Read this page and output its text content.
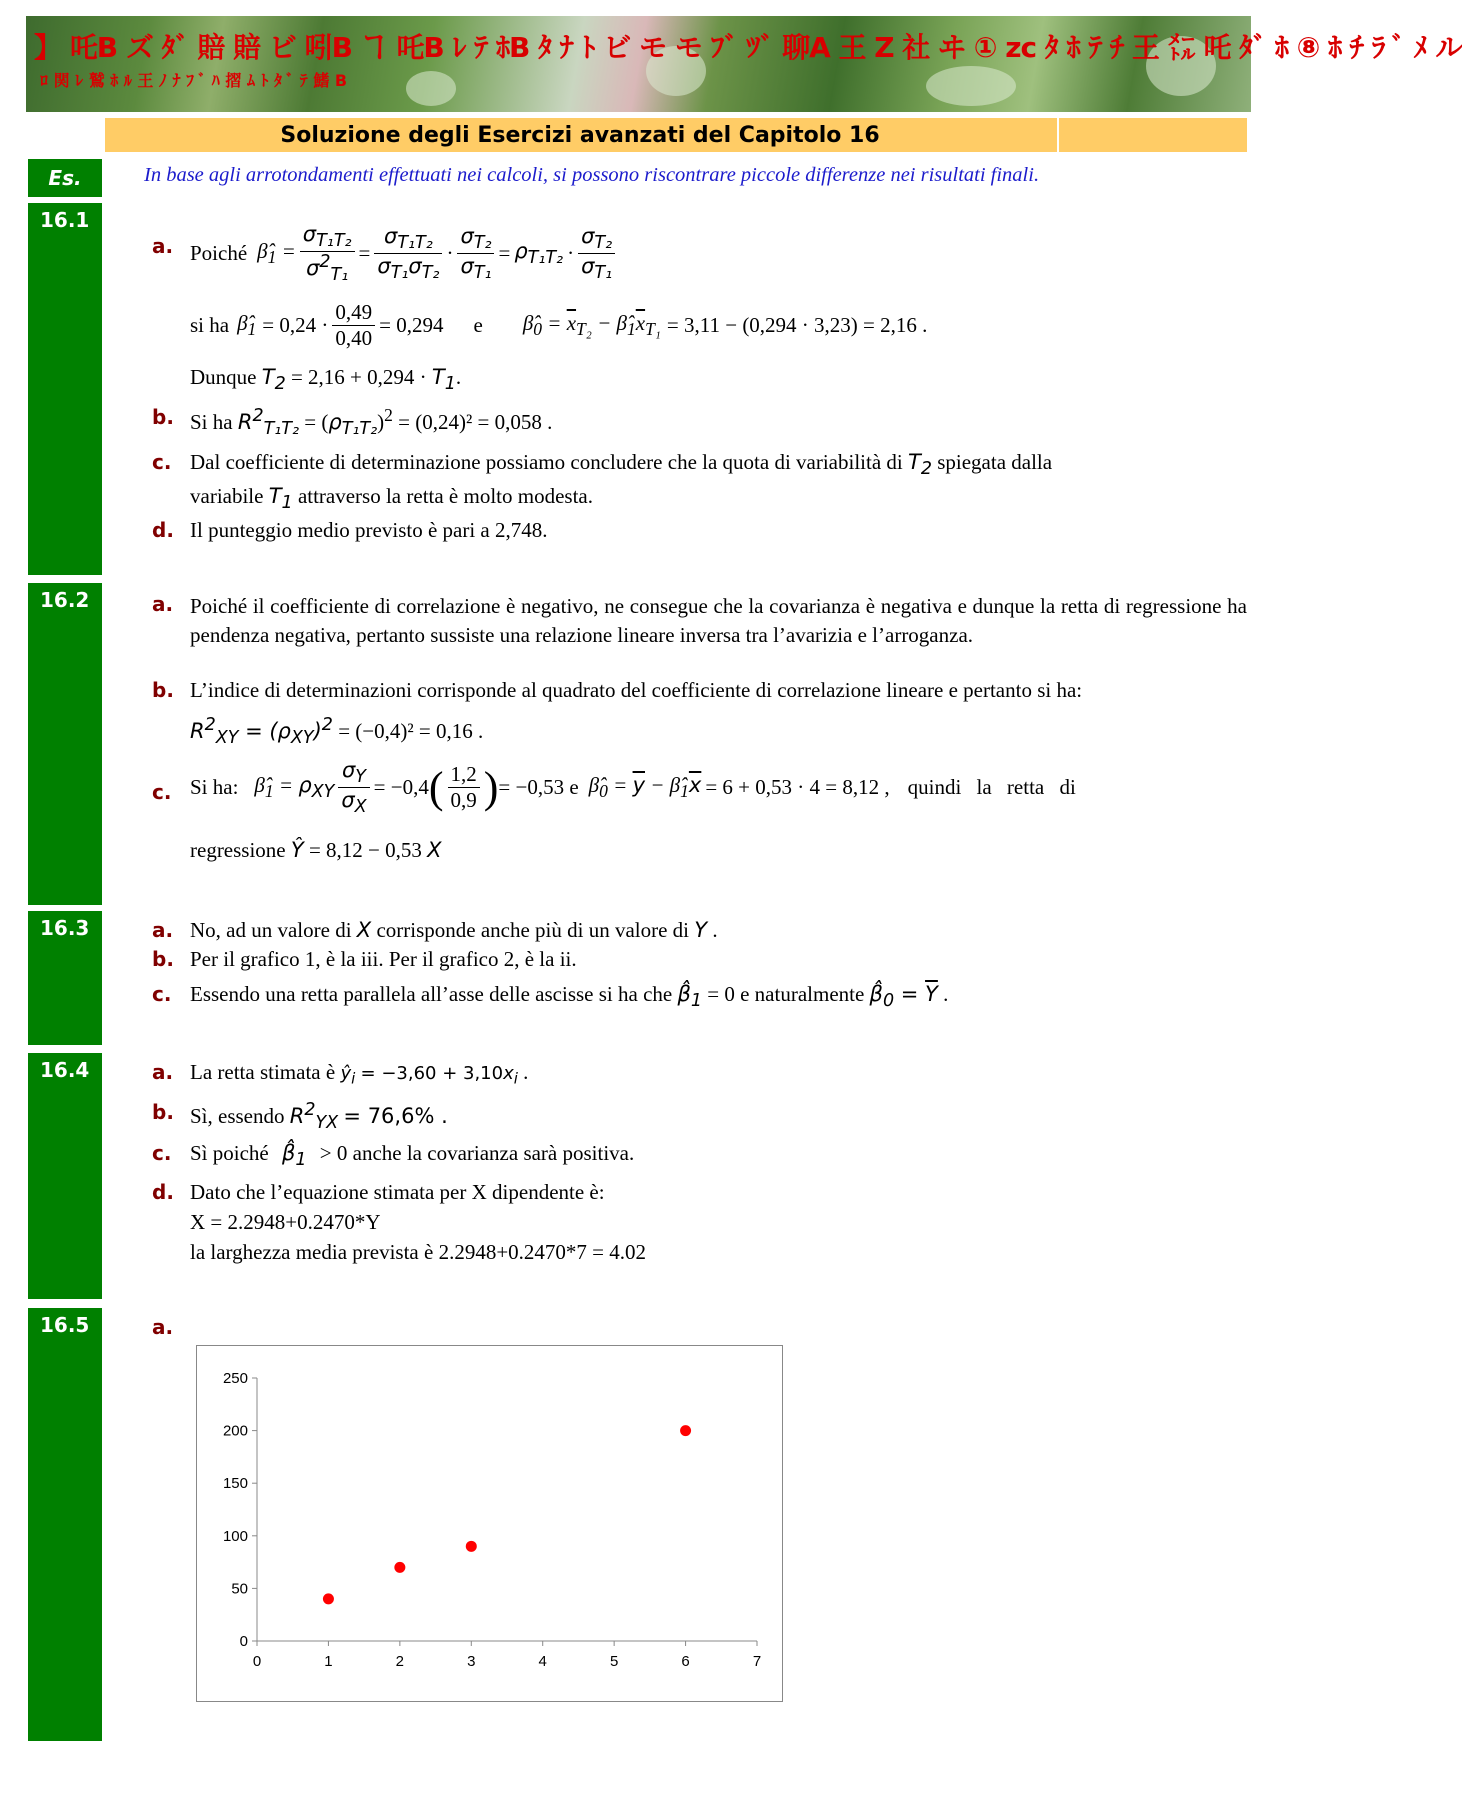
】 吒B ズ ﾀﾞ 賠 賠 ビ 吲B ヿ 吒B ﾚ ﾃ ﾎB ﾀ ﾅ ﾄ ビ モ モ ﾌﾞ ﾂﾞ 聊A 王 Z 社 ヰ ① zc ﾀ ﾎ ﾃ ﾁ 王 ㍍ 吒 ﾀﾞ ﾎ ⑧ ﾎ ﾁ ﾗ ﾞ ﾒ ル
ﾛ 関 ﾚ 鷲 ﾎ ﾙ 王 ﾉ ﾅ ﾌ ﾞ ﾊ 摺 ﾑ ﾄ ﾀ ﾞ ﾃ 鰭 B
Soluzione degli Esercizi avanzati del Capitolo 16
Es.	In base agli arrotondamenti effettuati nei calcoli, si possono riscontrare piccole differenze nei risultati finali.
16.1
16.2
16.3
16.4
16.5
a. Poiché $\betâ_1 = \frac{\sigma_{T_1T_2}}{\sigma^2_{T_1}} = \frac{\sigma_{T_1T_2}}{\sigma_{T_1}\sigma_{T_2}} \cdot \frac{\sigma_{T_2}}{\sigma_{T_1}} = \rho_{T_1T_2} \cdot \frac{\sigma_{T_2}}{\sigma_{T_1}}$
si ha $\betâ_1 = 0,24 \cdot \frac{0,49}{0,40} = 0,294$ e $\betâ_0 = \overline{x}_{T_2}$ − $\betâ_1\overline{x}_{T_1} = 3,11 - (0,294 \cdot 3,23) = 2,16$ .
Dunque $T_2 = 2,16 + 0,294 \cdot T_1$.
b. Si ha $R^2_{T_1T_2} = (\rho_{T_1T_2})^2 = (0,24)^2 = 0,058$ .
c. Dal coefficiente di determinazione possiamo concludere che la quota di variabilità di $T_2$ spiegata dalla
variabile $T_1$ attraverso la retta è molto modesta.
d. Il punteggio medio previsto è pari a 2,748.
a. Poiché il coefficiente di correlazione è negativo, ne consegue che la covarianza è negativa e dunque la retta di regressione ha pendenza negativa, pertanto sussiste una relazione lineare inversa tra l’avarizia e l’arroganza.
b. L’indice di determinazioni corrisponde al quadrato del coefficiente di correlazione lineare e pertanto si ha:
$R^2_{XY} = (\rho_{XY})^2 = (-0,4)^2 = 0,16$ .
c. Si ha: $\betâ_1 = \rho_{XY} \frac{\sigma_Y}{\sigma_X} = -0,4$ ( $\frac{1,2}{0,9}$ ) = −0,53 e $\betâ_0 = \overline{y}$ − $\betâ_1\overline{x} = 6 + 0,53 \cdot 4 = 8,12$ , quindi la retta di
regressione Ŷ = 8,12 − 0,53 X
a. No, ad un valore di X corrisponde anche più di un valore di Y .
b. Per il grafico 1, è la iii. Per il grafico 2, è la ii.
c. Essendo una retta parallela all’asse delle ascisse si ha che $\betâ_1 = 0$ e naturalmente $\betâ_0 = \overline{Y}$ .
a. La retta stimata è $ŷ_i = -3,60 + 3,10x_i$ .
b. Sì, essendo $R^2_{YX} = 76,6\%$ .
c. Sì poiché $\betâ_1 > 0$ anche la covarianza sarà positiva.
d. Dato che l’equazione stimata per X dipendente è:
X = 2.2948+0.2470*Y
la larghezza media prevista è 2.2948+0.2470*7 = 4.02
a.
0
50
100
150
200
250
0	1	2	3	4	5	6	7
